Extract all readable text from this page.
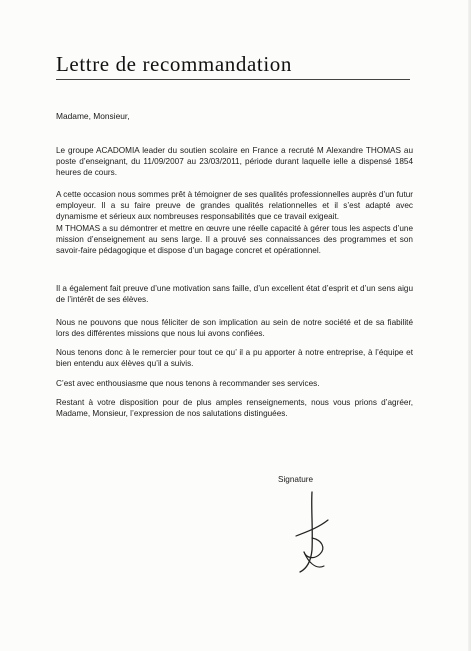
Lettre de recommandation

Madame, Monsieur,

Le groupe ACADOMIA leader du soutien scolaire en France a recruté M Alexandre THOMAS au poste d’enseignant, du 11/09/2007 au 23/03/2011, période durant laquelle ielle a dispensé 1854 heures de cours.

A cette occasion nous sommes prêt à témoigner de ses qualités professionnelles auprès d’un futur employeur. Il a su faire preuve de grandes qualités relationnelles et il s’est adapté avec dynamisme et sérieux aux nombreuses responsabilités que ce travail exigeait.

M THOMAS a su démontrer et mettre en œuvre une réelle capacité à gérer tous les aspects d’une mission d’enseignement au sens large. Il a prouvé ses connaissances des programmes et son savoir-faire pédagogique et dispose d’un bagage concret et opérationnel.

Il a également fait preuve d’une motivation sans faille, d’un excellent état d’esprit et d’un sens aigu de l’intérêt de ses élèves.

Nous ne pouvons que nous féliciter de son implication au sein de notre société et de sa fiabilité lors des différentes missions que nous lui avons confiées.

Nous tenons donc à le remercier pour tout ce qu’ il a pu apporter à notre entreprise, à l’équipe et bien entendu aux élèves qu’il a suivis.

C’est avec enthousiasme que nous tenons à recommander ses services.

Restant à votre disposition pour de plus amples renseignements, nous vous prions d’agréer, Madame, Monsieur, l’expression de nos salutations distinguées.

Signature
